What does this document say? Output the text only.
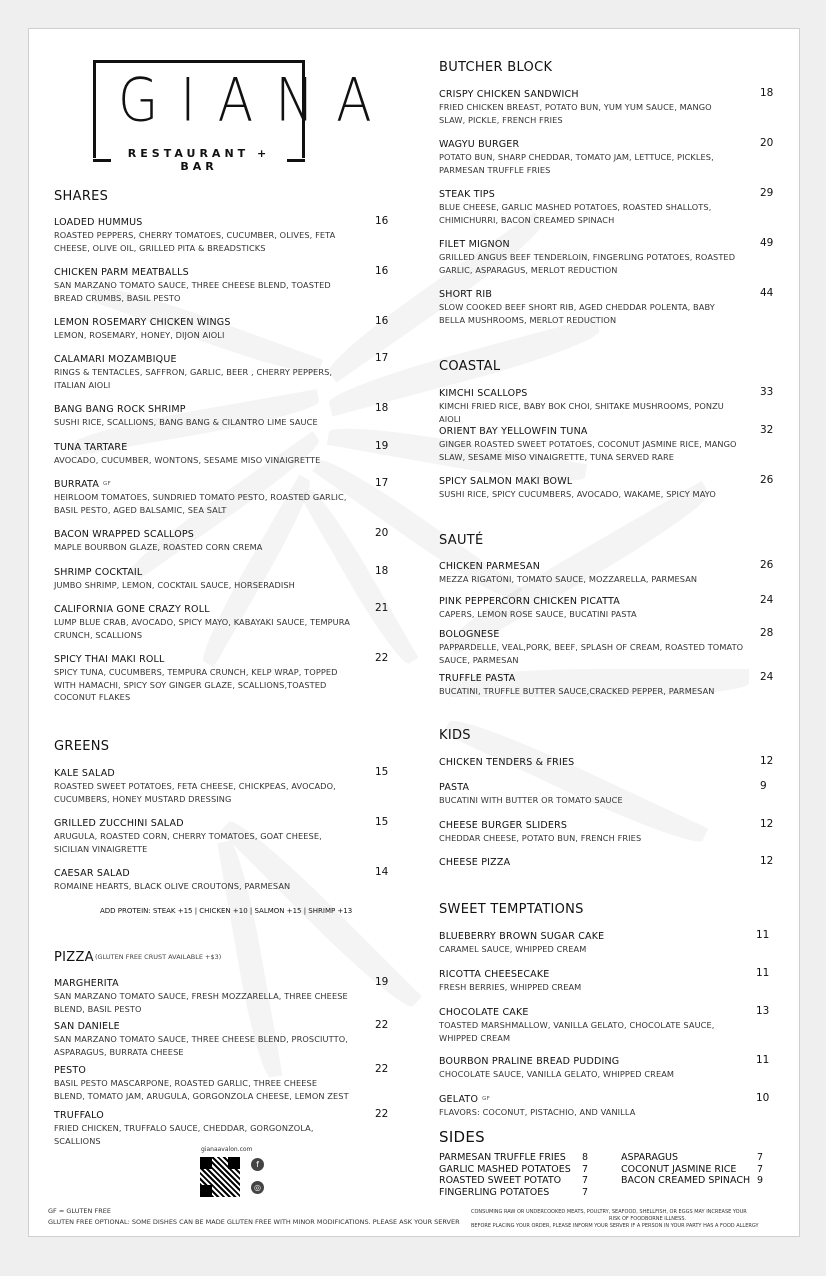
GIANA
RESTAURANT + BAR
ADD PROTEIN: STEAK +15 | CHICKEN +10 | SALMON +15 | SHRIMP +13
(GLUTEN FREE CRUST AVAILABLE +$3)
gianaavalon.com
f
◎
GF = GLUTEN FREE
GLUTEN FREE OPTIONAL: SOME DISHES CAN BE MADE GLUTEN FREE WITH MINOR MODIFICATIONS. PLEASE ASK YOUR SERVER
CONSUMING RAW OR UNDERCOOKED MEATS, POULTRY, SEAFOOD, SHELLFISH, OR EGGS MAY INCREASE YOUR
RISK OF FOODBORNE ILLNESS.
BEFORE PLACING YOUR ORDER, PLEASE INFORM YOUR SERVER IF A PERSON IN YOUR PARTY HAS A FOOD ALLERGY
SHARES
LOADED HUMMUS
ROASTED PEPPERS, CHERRY TOMATOES, CUCUMBER, OLIVES, FETA CHEESE, OLIVE OIL, GRILLED PITA & BREADSTICKS
16
CHICKEN PARM MEATBALLS
SAN MARZANO TOMATO SAUCE, THREE CHEESE BLEND, TOASTED BREAD CRUMBS, BASIL PESTO
16
LEMON ROSEMARY CHICKEN WINGS
LEMON, ROSEMARY, HONEY, DIJON AIOLI
16
CALAMARI MOZAMBIQUE
RINGS & TENTACLES, SAFFRON, GARLIC, BEER , CHERRY PEPPERS, ITALIAN AIOLI
17
BANG BANG ROCK SHRIMP
SUSHI RICE, SCALLIONS, BANG BANG & CILANTRO LIME SAUCE
18
TUNA TARTARE
AVOCADO, CUCUMBER, WONTONS, SESAME MISO VINAIGRETTE
19
BURRATA $^{GF}$
HEIRLOOM TOMATOES, SUNDRIED TOMATO PESTO, ROASTED GARLIC, BASIL PESTO, AGED BALSAMIC, SEA SALT
17
BACON WRAPPED SCALLOPS
MAPLE BOURBON GLAZE, ROASTED CORN CREMA
20
SHRIMP COCKTAIL
JUMBO SHRIMP, LEMON, COCKTAIL SAUCE, HORSERADISH
18
CALIFORNIA GONE CRAZY ROLL
LUMP BLUE CRAB, AVOCADO, SPICY MAYO, KABAYAKI SAUCE, TEMPURA CRUNCH, SCALLIONS
21
SPICY THAI MAKI ROLL
SPICY TUNA, CUCUMBERS, TEMPURA CRUNCH, KELP WRAP, TOPPED WITH HAMACHI, SPICY SOY GINGER GLAZE, SCALLIONS,TOASTED COCONUT FLAKES
22
GREENS
KALE SALAD
ROASTED SWEET POTATOES, FETA CHEESE, CHICKPEAS, AVOCADO, CUCUMBERS, HONEY MUSTARD DRESSING
15
GRILLED ZUCCHINI SALAD
ARUGULA, ROASTED CORN, CHERRY TOMATOES, GOAT CHEESE, SICILIAN VINAIGRETTE
15
CAESAR SALAD
ROMAINE HEARTS, BLACK OLIVE CROUTONS, PARMESAN
14
PIZZA
MARGHERITA
SAN MARZANO TOMATO SAUCE, FRESH MOZZARELLA, THREE CHEESE BLEND, BASIL PESTO
19
SAN DANIELE
SAN MARZANO TOMATO SAUCE, THREE CHEESE BLEND, PROSCIUTTO, ASPARAGUS, BURRATA CHEESE
22
PESTO
BASIL PESTO MASCARPONE, ROASTED GARLIC, THREE CHEESE BLEND, TOMATO JAM, ARUGULA, GORGONZOLA CHEESE, LEMON ZEST
22
TRUFFALO
FRIED CHICKEN, TRUFFALO SAUCE, CHEDDAR, GORGONZOLA, SCALLIONS
22
BUTCHER BLOCK
CRISPY CHICKEN SANDWICH
FRIED CHICKEN BREAST, POTATO BUN, YUM YUM SAUCE, MANGO SLAW, PICKLE, FRENCH FRIES
18
WAGYU BURGER
POTATO BUN, SHARP CHEDDAR, TOMATO JAM, LETTUCE, PICKLES, PARMESAN TRUFFLE FRIES
20
STEAK TIPS
BLUE CHEESE, GARLIC MASHED POTATOES, ROASTED SHALLOTS, CHIMICHURRI, BACON CREAMED SPINACH
29
FILET MIGNON
GRILLED ANGUS BEEF TENDERLOIN, FINGERLING POTATOES, ROASTED GARLIC, ASPARAGUS, MERLOT REDUCTION
49
SHORT RIB
SLOW COOKED BEEF SHORT RIB, AGED CHEDDAR POLENTA, BABY BELLA MUSHROOMS, MERLOT REDUCTION
44
COASTAL
KIMCHI SCALLOPS
KIMCHI FRIED RICE, BABY BOK CHOI, SHITAKE MUSHROOMS, PONZU AIOLI
33
ORIENT BAY YELLOWFIN TUNA
GINGER ROASTED SWEET POTATOES, COCONUT JASMINE RICE, MANGO SLAW, SESAME MISO VINAIGRETTE, TUNA SERVED RARE
32
SPICY SALMON MAKI BOWL
SUSHI RICE, SPICY CUCUMBERS, AVOCADO, WAKAME, SPICY MAYO
26
SAUTÉ
CHICKEN PARMESAN
MEZZA RIGATONI, TOMATO SAUCE, MOZZARELLA, PARMESAN
26
PINK PEPPERCORN CHICKEN PICATTA
CAPERS, LEMON ROSE SAUCE, BUCATINI PASTA
24
BOLOGNESE
PAPPARDELLE, VEAL,PORK, BEEF, SPLASH OF CREAM, ROASTED TOMATO SAUCE, PARMESAN
28
TRUFFLE PASTA
BUCATINI, TRUFFLE BUTTER SAUCE,CRACKED PEPPER, PARMESAN
24
KIDS
CHICKEN TENDERS & FRIES	12
PASTA
BUCATINI WITH BUTTER OR TOMATO SAUCE
9
CHEESE BURGER SLIDERS
CHEDDAR CHEESE, POTATO BUN, FRENCH FRIES
12
CHEESE PIZZA	12
SWEET TEMPTATIONS
BLUEBERRY BROWN SUGAR CAKE
CARAMEL SAUCE, WHIPPED CREAM
11
RICOTTA CHEESECAKE
FRESH BERRIES, WHIPPED CREAM
11
CHOCOLATE CAKE
TOASTED MARSHMALLOW, VANILLA GELATO, CHOCOLATE SAUCE, WHIPPED CREAM
13
BOURBON PRALINE BREAD PUDDING
CHOCOLATE SAUCE, VANILLA GELATO, WHIPPED CREAM
11
GELATO $^{GF}$
FLAVORS: COCONUT, PISTACHIO, AND VANILLA
10
SIDES
PARMESAN TRUFFLE FRIES 8
GARLIC MASHED POTATOES 7
ROASTED SWEET POTATO 7
FINGERLING POTATOES	7
ASPARAGUS	7
COCONUT JASMINE RICE 7
BACON CREAMED SPINACH 9
